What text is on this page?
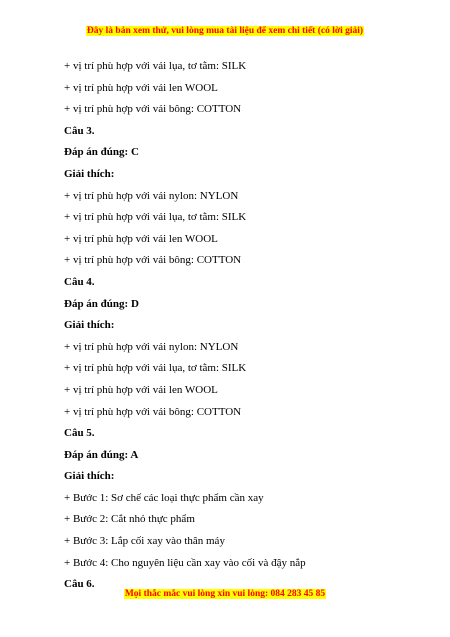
Đây là bản xem thử, vui lòng mua tài liệu để xem chi tiết (có lời giải)
+ vị trí phù hợp với vải lụa, tơ tằm: SILK
+ vị trí phù hợp với vải len WOOL
+ vị trí phù hợp với vải bông: COTTON
Câu 3.
Đáp án đúng: C
Giải thích:
+ vị trí phù hợp với vải nylon: NYLON
+ vị trí phù hợp với vải lụa, tơ tằm: SILK
+ vị trí phù hợp với vải len WOOL
+ vị trí phù hợp với vải bông: COTTON
Câu 4.
Đáp án đúng: D
Giải thích:
+ vị trí phù hợp với vải nylon: NYLON
+ vị trí phù hợp với vải lụa, tơ tằm: SILK
+ vị trí phù hợp với vải len WOOL
+ vị trí phù hợp với vải bông: COTTON
Câu 5.
Đáp án đúng: A
Giải thích:
+ Bước 1: Sơ chế các loại thực phẩm cần xay
+ Bước 2: Cắt nhỏ thực phẩm
+ Bước 3: Lắp cối xay vào thân máy
+ Bước 4: Cho nguyên liệu cần xay vào cối và đậy nắp
Câu 6.
Mọi thắc mắc vui lòng xin vui lòng: 084 283 45 85
